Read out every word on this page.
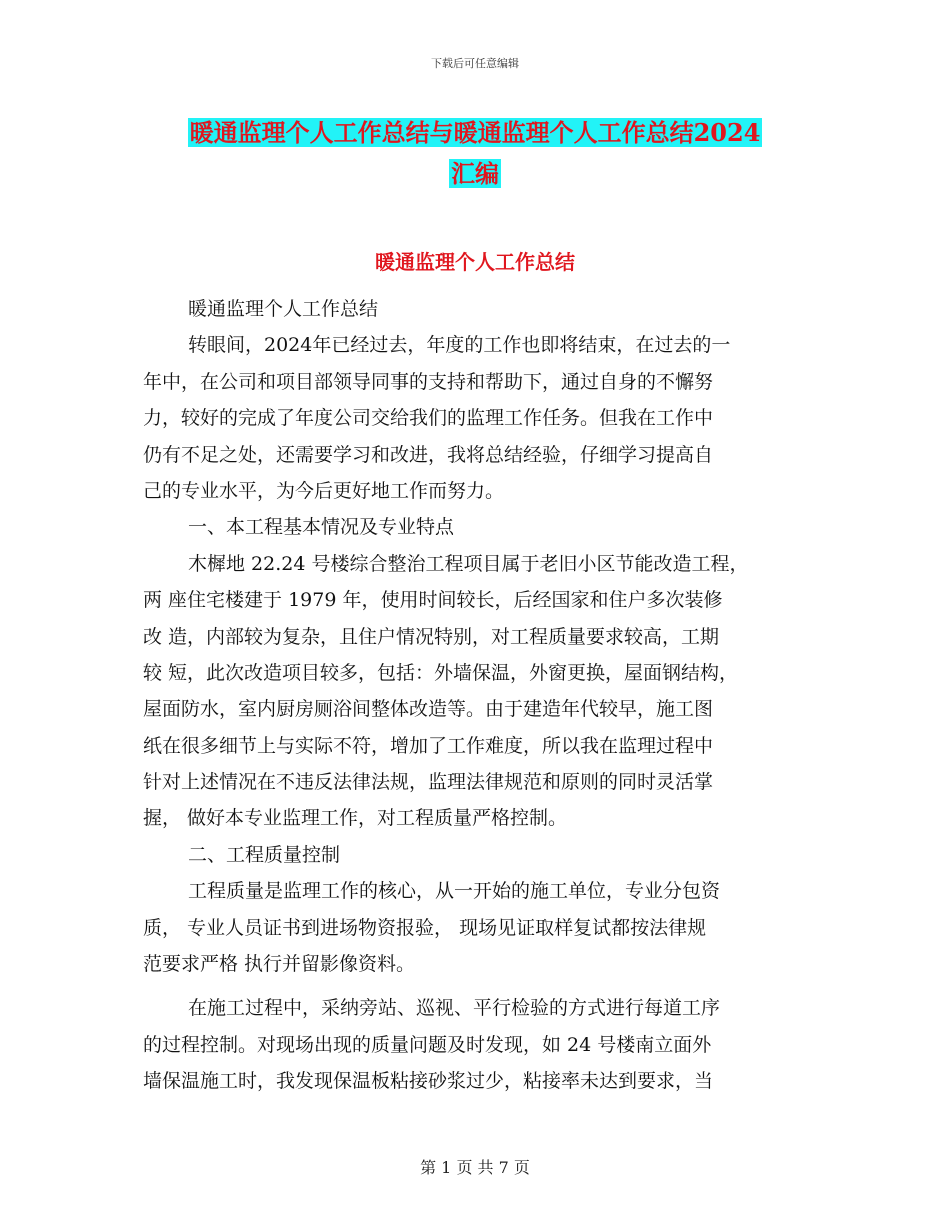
下载后可任意编辑
暖通监理个人工作总结与暖通监理个人工作总结2024
汇编
暖通监理个人工作总结
暖通监理个人工作总结
转眼间，2024年已经过去，年度的工作也即将结束，在过去的一
年中，在公司和项目部领导同事的支持和帮助下，通过自身的不懈努
力，较好的完成了年度公司交给我们的监理工作任务。但我在工作中
仍有不足之处，还需要学习和改进，我将总结经验，仔细学习提高自
己的专业水平，为今后更好地工作而努力。
一、本工程基本情况及专业特点
木樨地 22.24 号楼综合整治工程项目属于老旧小区节能改造工程，
两 座住宅楼建于 1979 年，使用时间较长，后经国家和住户多次装修
改 造，内部较为复杂，且住户情况特别，对工程质量要求较高，工期
较 短，此次改造项目较多，包括：外墙保温，外窗更换，屋面钢结构，
屋面防水，室内厨房厕浴间整体改造等。由于建造年代较早，施工图
纸在很多细节上与实际不符，增加了工作难度，所以我在监理过程中
针对上述情况在不违反法律法规，监理法律规范和原则的同时灵活掌
握， 做好本专业监理工作，对工程质量严格控制。
二、工程质量控制
工程质量是监理工作的核心，从一开始的施工单位，专业分包资
质， 专业人员证书到进场物资报验， 现场见证取样复试都按法律规
范要求严格 执行并留影像资料。
在施工过程中，采纳旁站、巡视、平行检验的方式进行每道工序
的过程控制。对现场出现的质量问题及时发现，如 24 号楼南立面外
墙保温施工时，我发现保温板粘接砂浆过少，粘接率未达到要求，当
第 1 页 共 7 页
